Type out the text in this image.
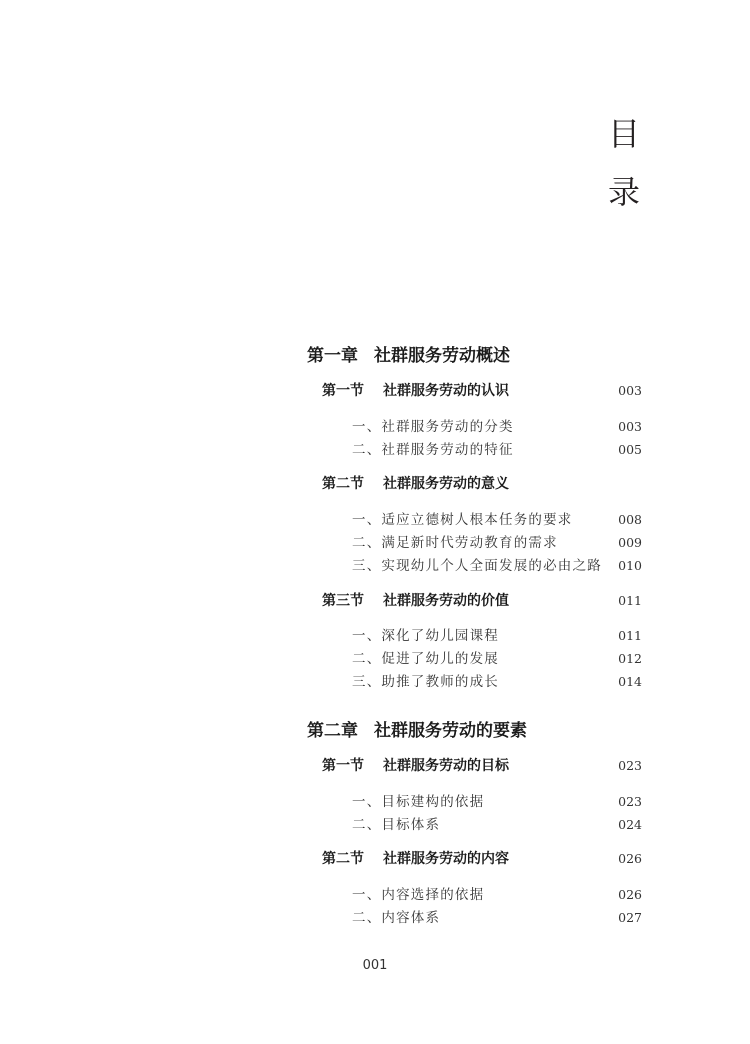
目
录
第一章 社群服务劳动概述
第一节 社群服务劳动的认识	003
一、社群服务劳动的分类	003
二、社群服务劳动的特征	005
第二节 社群服务劳动的意义
一、适应立德树人根本任务的要求	008
二、满足新时代劳动教育的需求	009
三、实现幼儿个人全面发展的必由之路 010
第三节 社群服务劳动的价值	011
一、深化了幼儿园课程	011
二、促进了幼儿的发展	012
三、助推了教师的成长	014
第二章 社群服务劳动的要素
第一节 社群服务劳动的目标	023
一、目标建构的依据	023
二、目标体系	024
第二节 社群服务劳动的内容	026
一、内容选择的依据	026
二、内容体系	027
001
